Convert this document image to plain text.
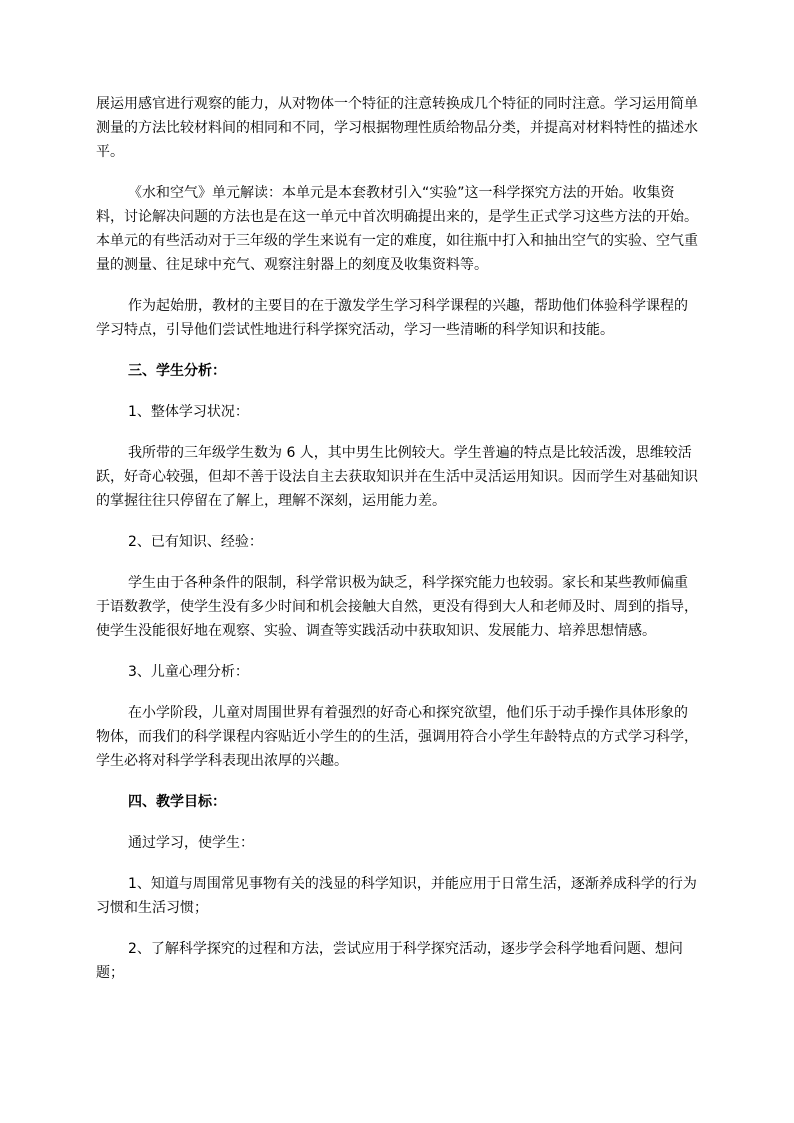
展运用感官进行观察的能力，从对物体一个特征的注意转换成几个特征的同时注意。学习运用简单测量的方法比较材料间的相同和不同，学习根据物理性质给物品分类，并提高对材料特性的描述水平。

《水和空气》单元解读：本单元是本套教材引入“实验”这一科学探究方法的开始。收集资料，讨论解决问题的方法也是在这一单元中首次明确提出来的，是学生正式学习这些方法的开始。本单元的有些活动对于三年级的学生来说有一定的难度，如往瓶中打入和抽出空气的实验、空气重量的测量、往足球中充气、观察注射器上的刻度及收集资料等。

作为起始册，教材的主要目的在于激发学生学习科学课程的兴趣，帮助他们体验科学课程的学习特点，引导他们尝试性地进行科学探究活动，学习一些清晰的科学知识和技能。

三、学生分析：

1、整体学习状况：

我所带的三年级学生数为 6 人，其中男生比例较大。学生普遍的特点是比较活泼，思维较活跃，好奇心较强，但却不善于设法自主去获取知识并在生活中灵活运用知识。因而学生对基础知识的掌握往往只停留在了解上，理解不深刻，运用能力差。

2、已有知识、经验：

学生由于各种条件的限制，科学常识极为缺乏，科学探究能力也较弱。家长和某些教师偏重于语数教学，使学生没有多少时间和机会接触大自然，更没有得到大人和老师及时、周到的指导，使学生没能很好地在观察、实验、调查等实践活动中获取知识、发展能力、培养思想情感。

3、儿童心理分析：

在小学阶段，儿童对周围世界有着强烈的好奇心和探究欲望，他们乐于动手操作具体形象的物体，而我们的科学课程内容贴近小学生的的生活，强调用符合小学生年龄特点的方式学习科学，学生必将对科学学科表现出浓厚的兴趣。

四、教学目标：

通过学习，使学生：

1、知道与周围常见事物有关的浅显的科学知识，并能应用于日常生活，逐渐养成科学的行为习惯和生活习惯；

2、了解科学探究的过程和方法，尝试应用于科学探究活动，逐步学会科学地看问题、想问题；
